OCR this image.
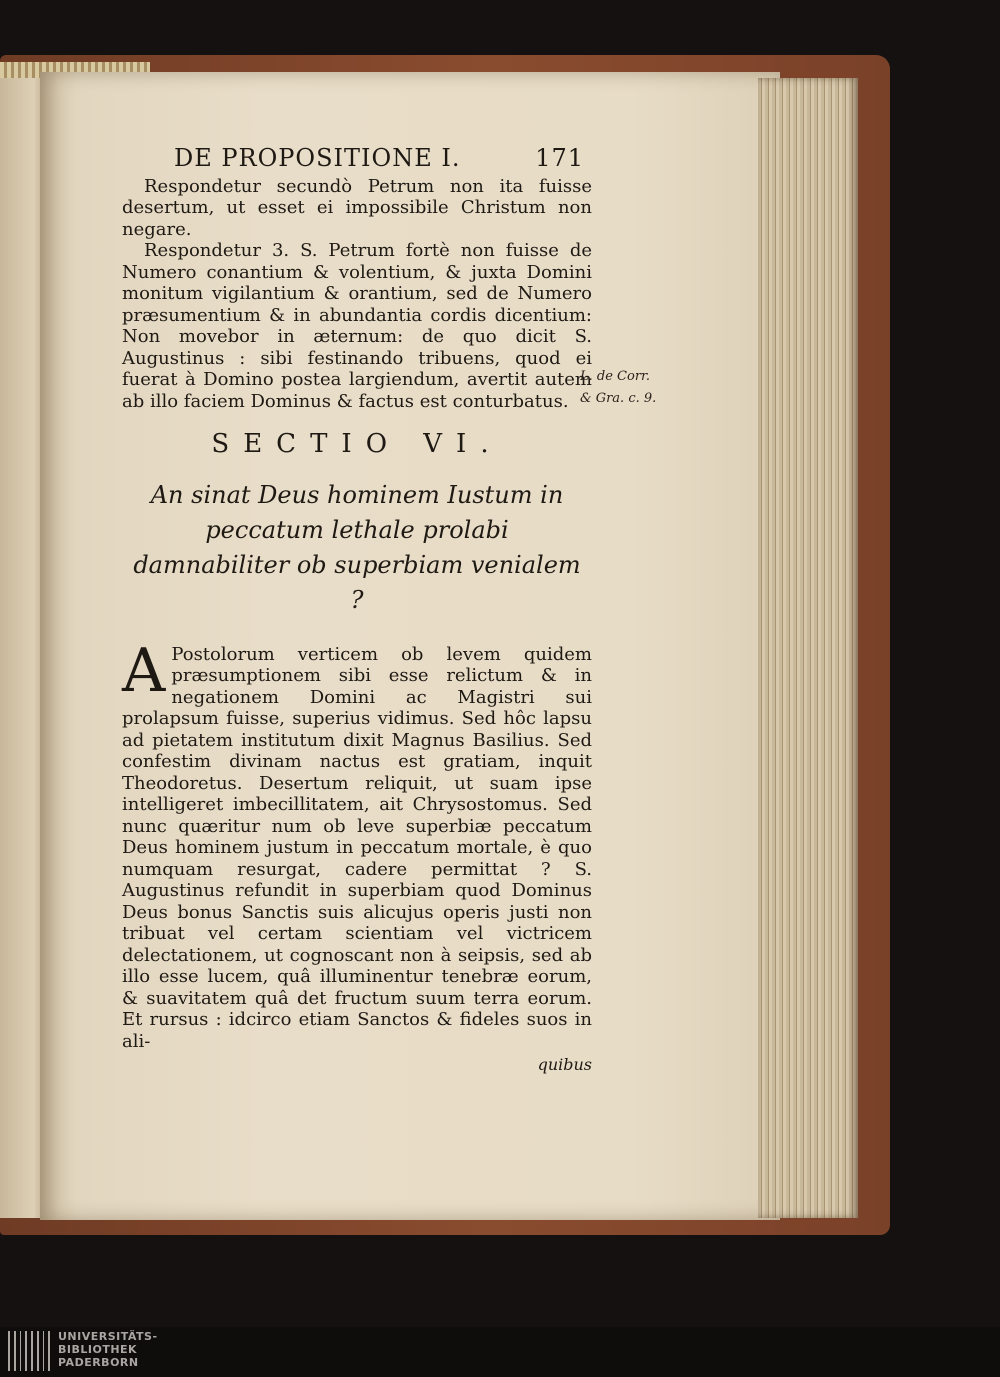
DE PROPOSITIONE I.	171

Respondetur secundò Petrum non ita fuisse desertum, ut esset ei impossibile Christum non negare.

Respondetur 3. S. Petrum fortè non fuisse de Numero conantium & volentium, & juxta Domini monitum vigilantium & orantium, sed de Numero præsumentium & in abundantia cordis dicentium: Non movebor in æternum: de quo dicit S. Augustinus : sibi festinando tribuens, quod ei fuerat à Domino postea largiendum, avertit autem ab illo faciem Dominus & factus est conturbatus.

SECTIO VI.
An sinat Deus hominem Iustum in peccatum lethale prolabi damnabiliter ob superbiam venialem ?

A Postolorum verticem ob levem quidem præsumptionem sibi esse relictum & in negationem Domini ac Magistri sui prolapsum fuisse, superius vidimus. Sed hôc lapsu ad pietatem institutum dixit Magnus Basilius. Sed confestim divinam nactus est gratiam, inquit Theodoretus. Desertum reliquit, ut suam ipse intelligeret imbecillitatem, ait Chrysostomus. Sed nunc quæritur num ob leve superbiæ peccatum Deus hominem justum in peccatum mortale, è quo numquam resurgat, cadere permittat ? S. Augustinus refundit in superbiam quod Dominus Deus bonus Sanctis suis alicujus operis justi non tribuat vel certam scientiam vel victricem delectationem, ut cognoscant non à seipsis, sed ab illo esse lucem, quâ illuminentur tenebræ eorum, & suavitatem quâ det fructum suum terra eorum. Et rursus : idcirco etiam Sanctos & fideles suos in ali-

quibus
L. de Corr.
& Gra. c. 9.
UNIVERSITÄTS-
BIBLIOTHEK
PADERBORN
